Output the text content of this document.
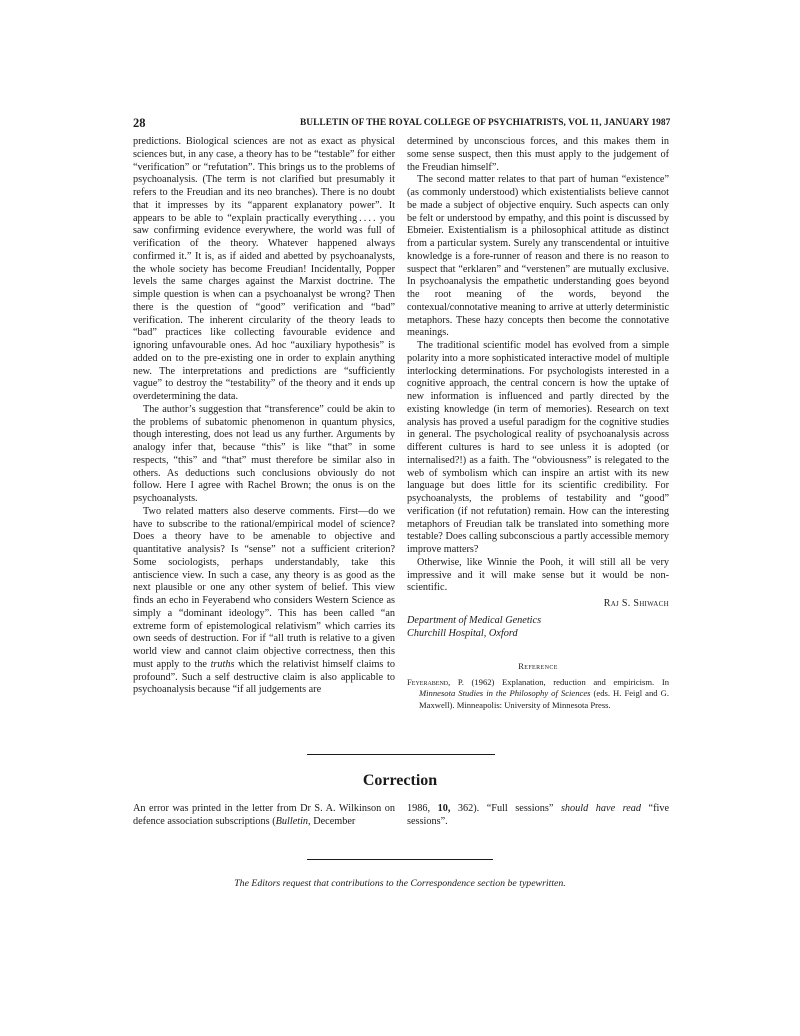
28	BULLETIN OF THE ROYAL COLLEGE OF PSYCHIATRISTS, VOL 11, JANUARY 1987

predictions. Biological sciences are not as exact as physical sciences but, in any case, a theory has to be “testable” for either “verification” or “refutation”. This brings us to the problems of psychoanalysis. (The term is not clarified but presumably it refers to the Freudian and its neo branches). There is no doubt that it impresses by its “apparent explanatory power”. It appears to be able to “explain practically everything . . . . you saw confirming evidence everywhere, the world was full of verification of the theory. Whatever happened always confirmed it.” It is, as if aided and abetted by psychoanalysts, the whole society has become Freudian! Incidentally, Popper levels the same charges against the Marxist doctrine. The simple question is when can a psychoanalyst be wrong? Then there is the question of “good” verification and “bad” verification. The inherent circularity of the theory leads to “bad” practices like collecting favourable evidence and ignoring unfavourable ones. Ad hoc “auxiliary hypothesis” is added on to the pre-existing one in order to explain anything new. The interpretations and predictions are “sufficiently vague” to destroy the “testability” of the theory and it ends up overdetermining the data.

The author’s suggestion that “transference” could be akin to the problems of subatomic phenomenon in quantum physics, though interesting, does not lead us any further. Arguments by analogy infer that, because “this” is like “that” in some respects, “this” and “that” must therefore be similar also in others. As deductions such conclusions obviously do not follow. Here I agree with Rachel Brown; the onus is on the psychoanalysts.

Two related matters also deserve comments. First—do we have to subscribe to the rational/empirical model of science? Does a theory have to be amenable to objective and quantitative analysis? Is “sense” not a sufficient criterion? Some sociologists, perhaps understandably, take this antiscience view. In such a case, any theory is as good as the next plausible or one any other system of belief. This view finds an echo in Feyerabend who considers Western Science as simply a “dominant ideology”. This has been called “an extreme form of epistemological relativism” which carries its own seeds of destruction. For if “all truth is relative to a given world view and cannot claim objective correctness, then this must apply to the truths which the relativist himself claims to profound”. Such a self destructive claim is also applicable to psychoanalysis because “if all judgements are

determined by unconscious forces, and this makes them in some sense suspect, then this must apply to the judgement of the Freudian himself”.

The second matter relates to that part of human “existence” (as commonly understood) which existentialists believe cannot be made a subject of objective enquiry. Such aspects can only be felt or understood by empathy, and this point is discussed by Ebmeier. Existentialism is a philosophical attitude as distinct from a particular system. Surely any transcendental or intuitive knowledge is a fore-runner of reason and there is no reason to suspect that “erklaren” and “verstenen” are mutually exclusive. In psychoanalysis the empathetic understanding goes beyond the root meaning of the words, beyond the contexual/connotative meaning to arrive at utterly deterministic metaphors. These hazy concepts then become the connotative meanings.

The traditional scientific model has evolved from a simple polarity into a more sophisticated interactive model of multiple interlocking determinations. For psychologists interested in a cognitive approach, the central concern is how the uptake of new information is influenced and partly directed by the existing knowledge (in term of memories). Research on text analysis has proved a useful paradigm for the cognitive studies in general. The psychological reality of psychoanalysis across different cultures is hard to see unless it is adopted (or internalised?!) as a faith. The “obviousness” is relegated to the web of symbolism which can inspire an artist with its new language but does little for its scientific credibility. For psychoanalysts, the problems of testability and “good” verification (if not refutation) remain. How can the interesting metaphors of Freudian talk be translated into something more testable? Does calling subconscious a partly accessible memory improve matters?

Otherwise, like Winnie the Pooh, it will still all be very impressive and it will make sense but it would be non-scientific.

Raj S. Shiwach
Department of Medical Genetics
Churchill Hospital, Oxford
Reference
Feyerabend, P. (1962) Explanation, reduction and empiricism. In Minnesota Studies in the Philosophy of Sciences (eds. H. Feigl and G. Maxwell). Minneapolis: University of Minnesota Press.
Correction
An error was printed in the letter from Dr S. A. Wilkinson on defence association subscriptions (Bulletin, December
1986, 10, 362). “Full sessions” should have read “five sessions”.
The Editors request that contributions to the Correspondence section be typewritten.
